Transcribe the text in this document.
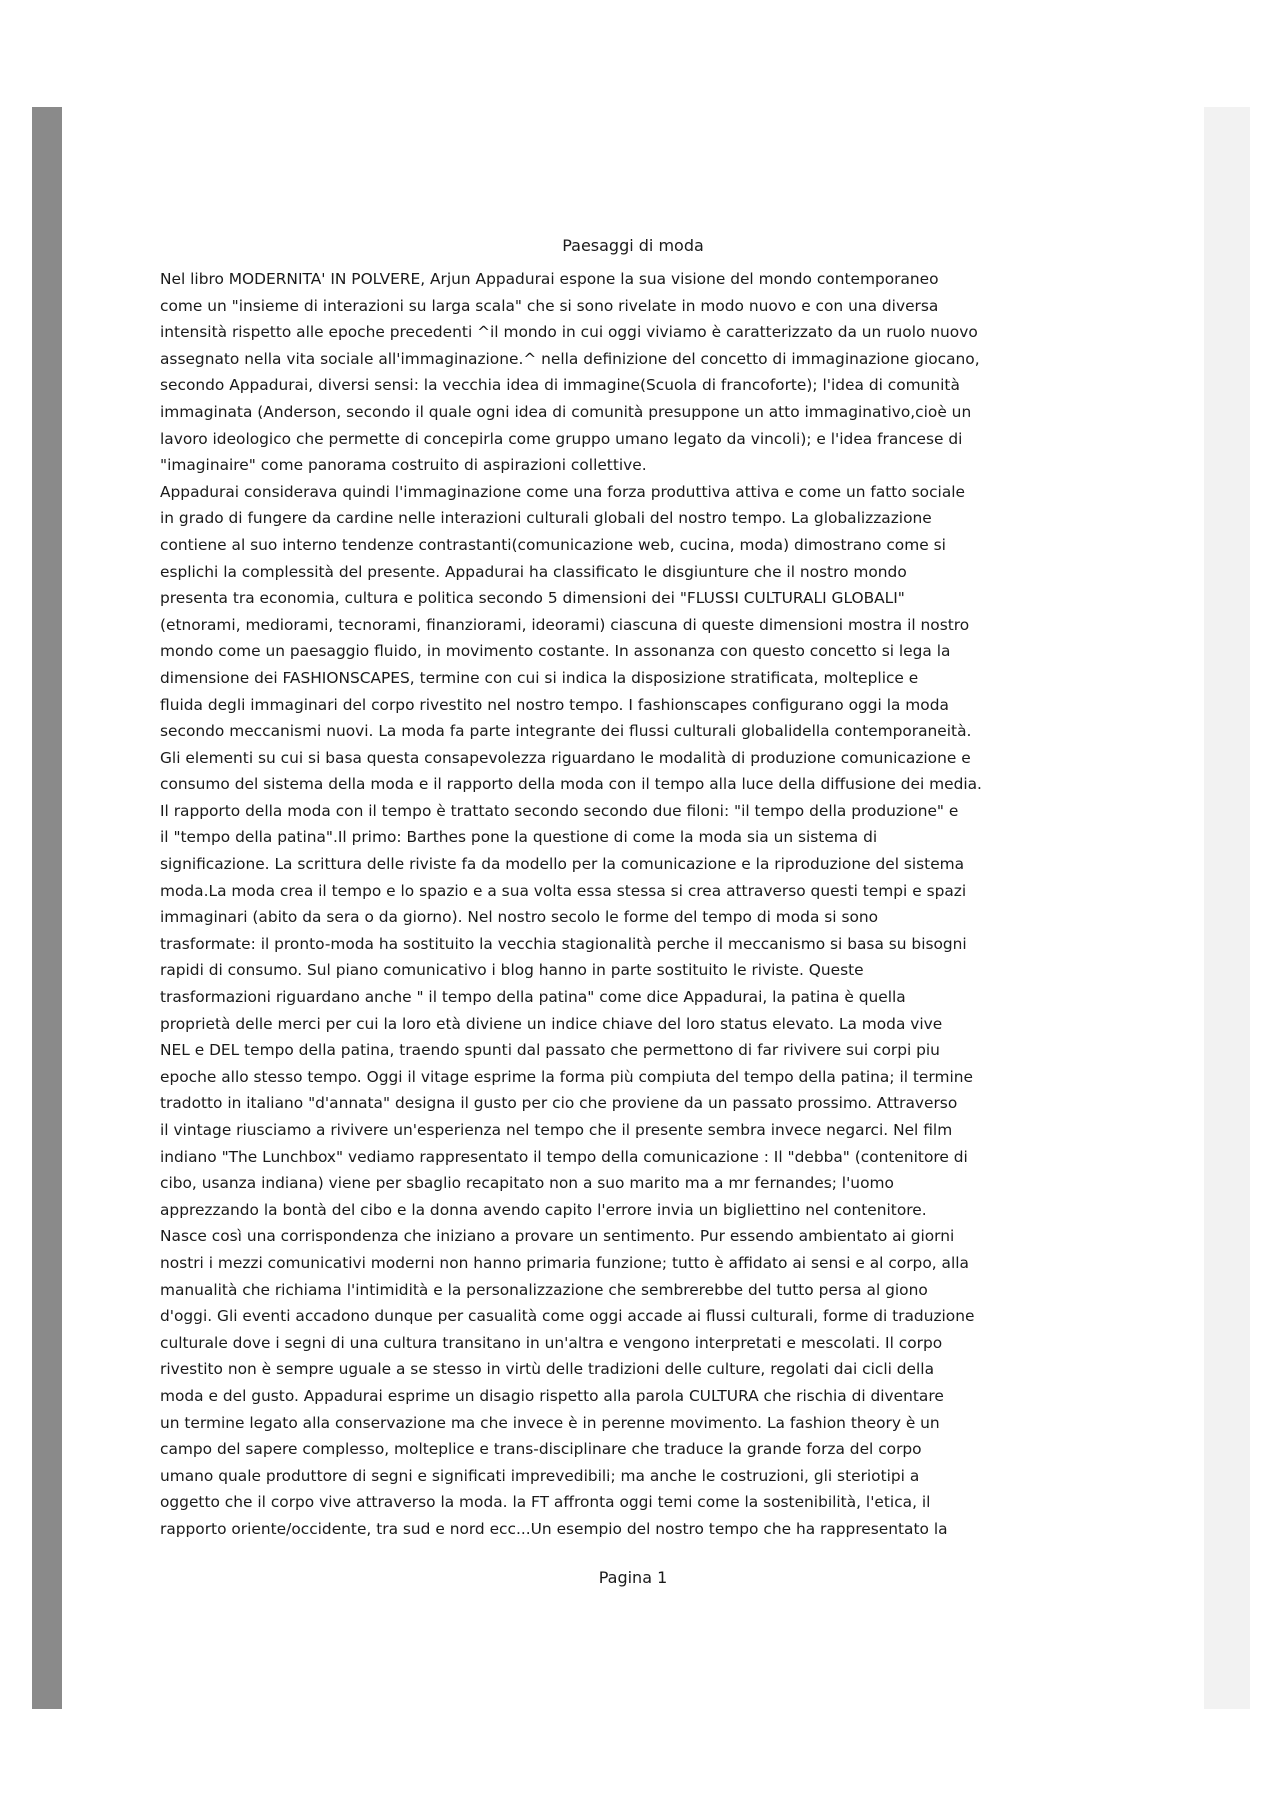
Paesaggi di moda
Nel libro MODERNITA' IN POLVERE, Arjun Appadurai espone la sua visione del mondo contemporaneo
come un "insieme di interazioni su larga scala" che si sono rivelate in modo nuovo e con una diversa
intensità rispetto alle epoche precedenti ^il mondo in cui oggi viviamo è caratterizzato da un ruolo nuovo
assegnato nella vita sociale all'immaginazione.^ nella definizione del concetto di immaginazione giocano,
secondo Appadurai, diversi sensi: la vecchia idea di immagine(Scuola di francoforte); l'idea di comunità
immaginata (Anderson, secondo il quale ogni idea di comunità presuppone un atto immaginativo,cioè un
lavoro ideologico che permette di concepirla come gruppo umano legato da vincoli); e l'idea francese di
"imaginaire" come panorama costruito di aspirazioni collettive.
Appadurai considerava quindi l'immaginazione come una forza produttiva attiva e come un fatto sociale
in grado di fungere da cardine nelle interazioni culturali globali del nostro tempo. La globalizzazione
contiene al suo interno tendenze contrastanti(comunicazione web, cucina, moda) dimostrano come si
esplichi la complessità del presente. Appadurai ha classificato le disgiunture che il nostro mondo
presenta tra economia, cultura e politica secondo 5 dimensioni dei "FLUSSI CULTURALI GLOBALI"
(etnorami, mediorami, tecnorami, finanziorami, ideorami) ciascuna di queste dimensioni mostra il nostro
mondo come un paesaggio fluido, in movimento costante. In assonanza con questo concetto si lega la
dimensione dei FASHIONSCAPES, termine con cui si indica la disposizione stratificata, molteplice e
fluida degli immaginari del corpo rivestito nel nostro tempo. I fashionscapes configurano oggi la moda
secondo meccanismi nuovi. La moda fa parte integrante dei flussi culturali globalidella contemporaneità.
Gli elementi su cui si basa questa consapevolezza riguardano le modalità di produzione comunicazione e
consumo del sistema della moda e il rapporto della moda con il tempo alla luce della diffusione dei media.
Il rapporto della moda con il tempo è trattato secondo secondo due filoni: "il tempo della produzione" e
il "tempo della patina".Il primo: Barthes pone la questione di come la moda sia un sistema di
significazione. La scrittura delle riviste fa da modello per la comunicazione e la riproduzione del sistema
moda.La moda crea il tempo e lo spazio e a sua volta essa stessa si crea attraverso questi tempi e spazi
immaginari (abito da sera o da giorno). Nel nostro secolo le forme del tempo di moda si sono
trasformate: il pronto-moda ha sostituito la vecchia stagionalità perche il meccanismo si basa su bisogni
rapidi di consumo. Sul piano comunicativo i blog hanno in parte sostituito le riviste. Queste
trasformazioni riguardano anche " il tempo della patina" come dice Appadurai, la patina è quella
proprietà delle merci per cui la loro età diviene un indice chiave del loro status elevato. La moda vive
NEL e DEL tempo della patina, traendo spunti dal passato che permettono di far rivivere sui corpi piu
epoche allo stesso tempo. Oggi il vitage esprime la forma più compiuta del tempo della patina; il termine
tradotto in italiano "d'annata" designa il gusto per cio che proviene da un passato prossimo. Attraverso
il vintage riusciamo a rivivere un'esperienza nel tempo che il presente sembra invece negarci. Nel film
indiano "The Lunchbox" vediamo rappresentato il tempo della comunicazione : Il "debba" (contenitore di
cibo, usanza indiana) viene per sbaglio recapitato non a suo marito ma a mr fernandes; l'uomo
apprezzando la bontà del cibo e la donna avendo capito l'errore invia un bigliettino nel contenitore.
Nasce così una corrispondenza che iniziano a provare un sentimento. Pur essendo ambientato ai giorni
nostri i mezzi comunicativi moderni non hanno primaria funzione; tutto è affidato ai sensi e al corpo, alla
manualità che richiama l'intimidità e la personalizzazione che sembrerebbe del tutto persa al giono
d'oggi. Gli eventi accadono dunque per casualità come oggi accade ai flussi culturali, forme di traduzione
culturale dove i segni di una cultura transitano in un'altra e vengono interpretati e mescolati. Il corpo
rivestito non è sempre uguale a se stesso in virtù delle tradizioni delle culture, regolati dai cicli della
moda e del gusto. Appadurai esprime un disagio rispetto alla parola CULTURA che rischia di diventare
un termine legato alla conservazione ma che invece è in perenne movimento. La fashion theory è un
campo del sapere complesso, molteplice e trans-disciplinare che traduce la grande forza del corpo
umano quale produttore di segni e significati imprevedibili; ma anche le costruzioni, gli steriotipi a
oggetto che il corpo vive attraverso la moda. la FT affronta oggi temi come la sostenibilità, l'etica, il
rapporto oriente/occidente, tra sud e nord ecc...Un esempio del nostro tempo che ha rappresentato la
Pagina 1
